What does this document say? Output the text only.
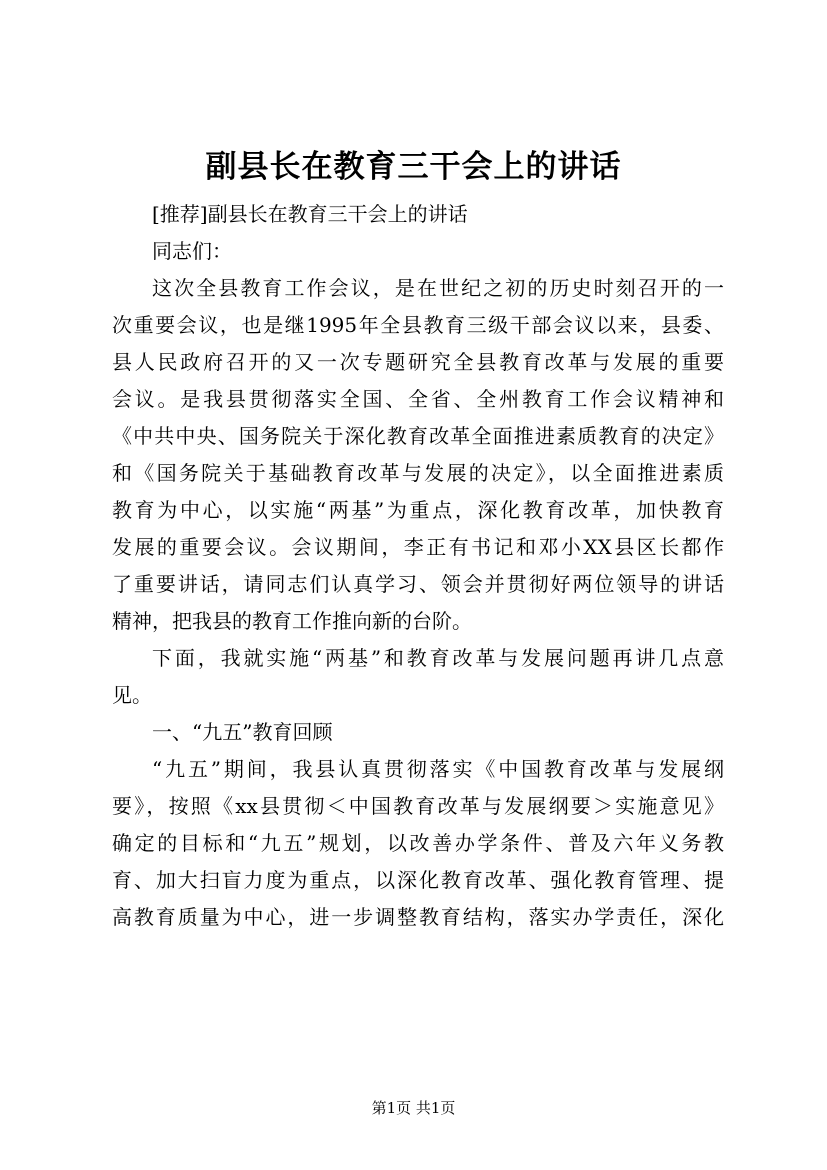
副县长在教育三干会上的讲话
[推荐]副县长在教育三干会上的讲话
同志们：
这次全县教育工作会议，是在世纪之初的历史时刻召开的一
次重要会议，也是继1995年全县教育三级干部会议以来，县委、
县人民政府召开的又一次专题研究全县教育改革与发展的重要
会议。是我县贯彻落实全国、全省、全州教育工作会议精神和
《中共中央、国务院关于深化教育改革全面推进素质教育的决定》
和《国务院关于基础教育改革与发展的决定》，以全面推进素质
教育为中心，以实施“两基”为重点，深化教育改革，加快教育
发展的重要会议。会议期间，李正有书记和邓小XX县区长都作
了重要讲话，请同志们认真学习、领会并贯彻好两位领导的讲话
精神，把我县的教育工作推向新的台阶。
下面，我就实施“两基”和教育改革与发展问题再讲几点意
见。
一、“九五”教育回顾
“九五”期间，我县认真贯彻落实《中国教育改革与发展纲
要》，按照《xx县贯彻＜中国教育改革与发展纲要＞实施意见》
确定的目标和“九五”规划，以改善办学条件、普及六年义务教
育、加大扫盲力度为重点，以深化教育改革、强化教育管理、提
高教育质量为中心，进一步调整教育结构，落实办学责任，深化
第1页 共1页
